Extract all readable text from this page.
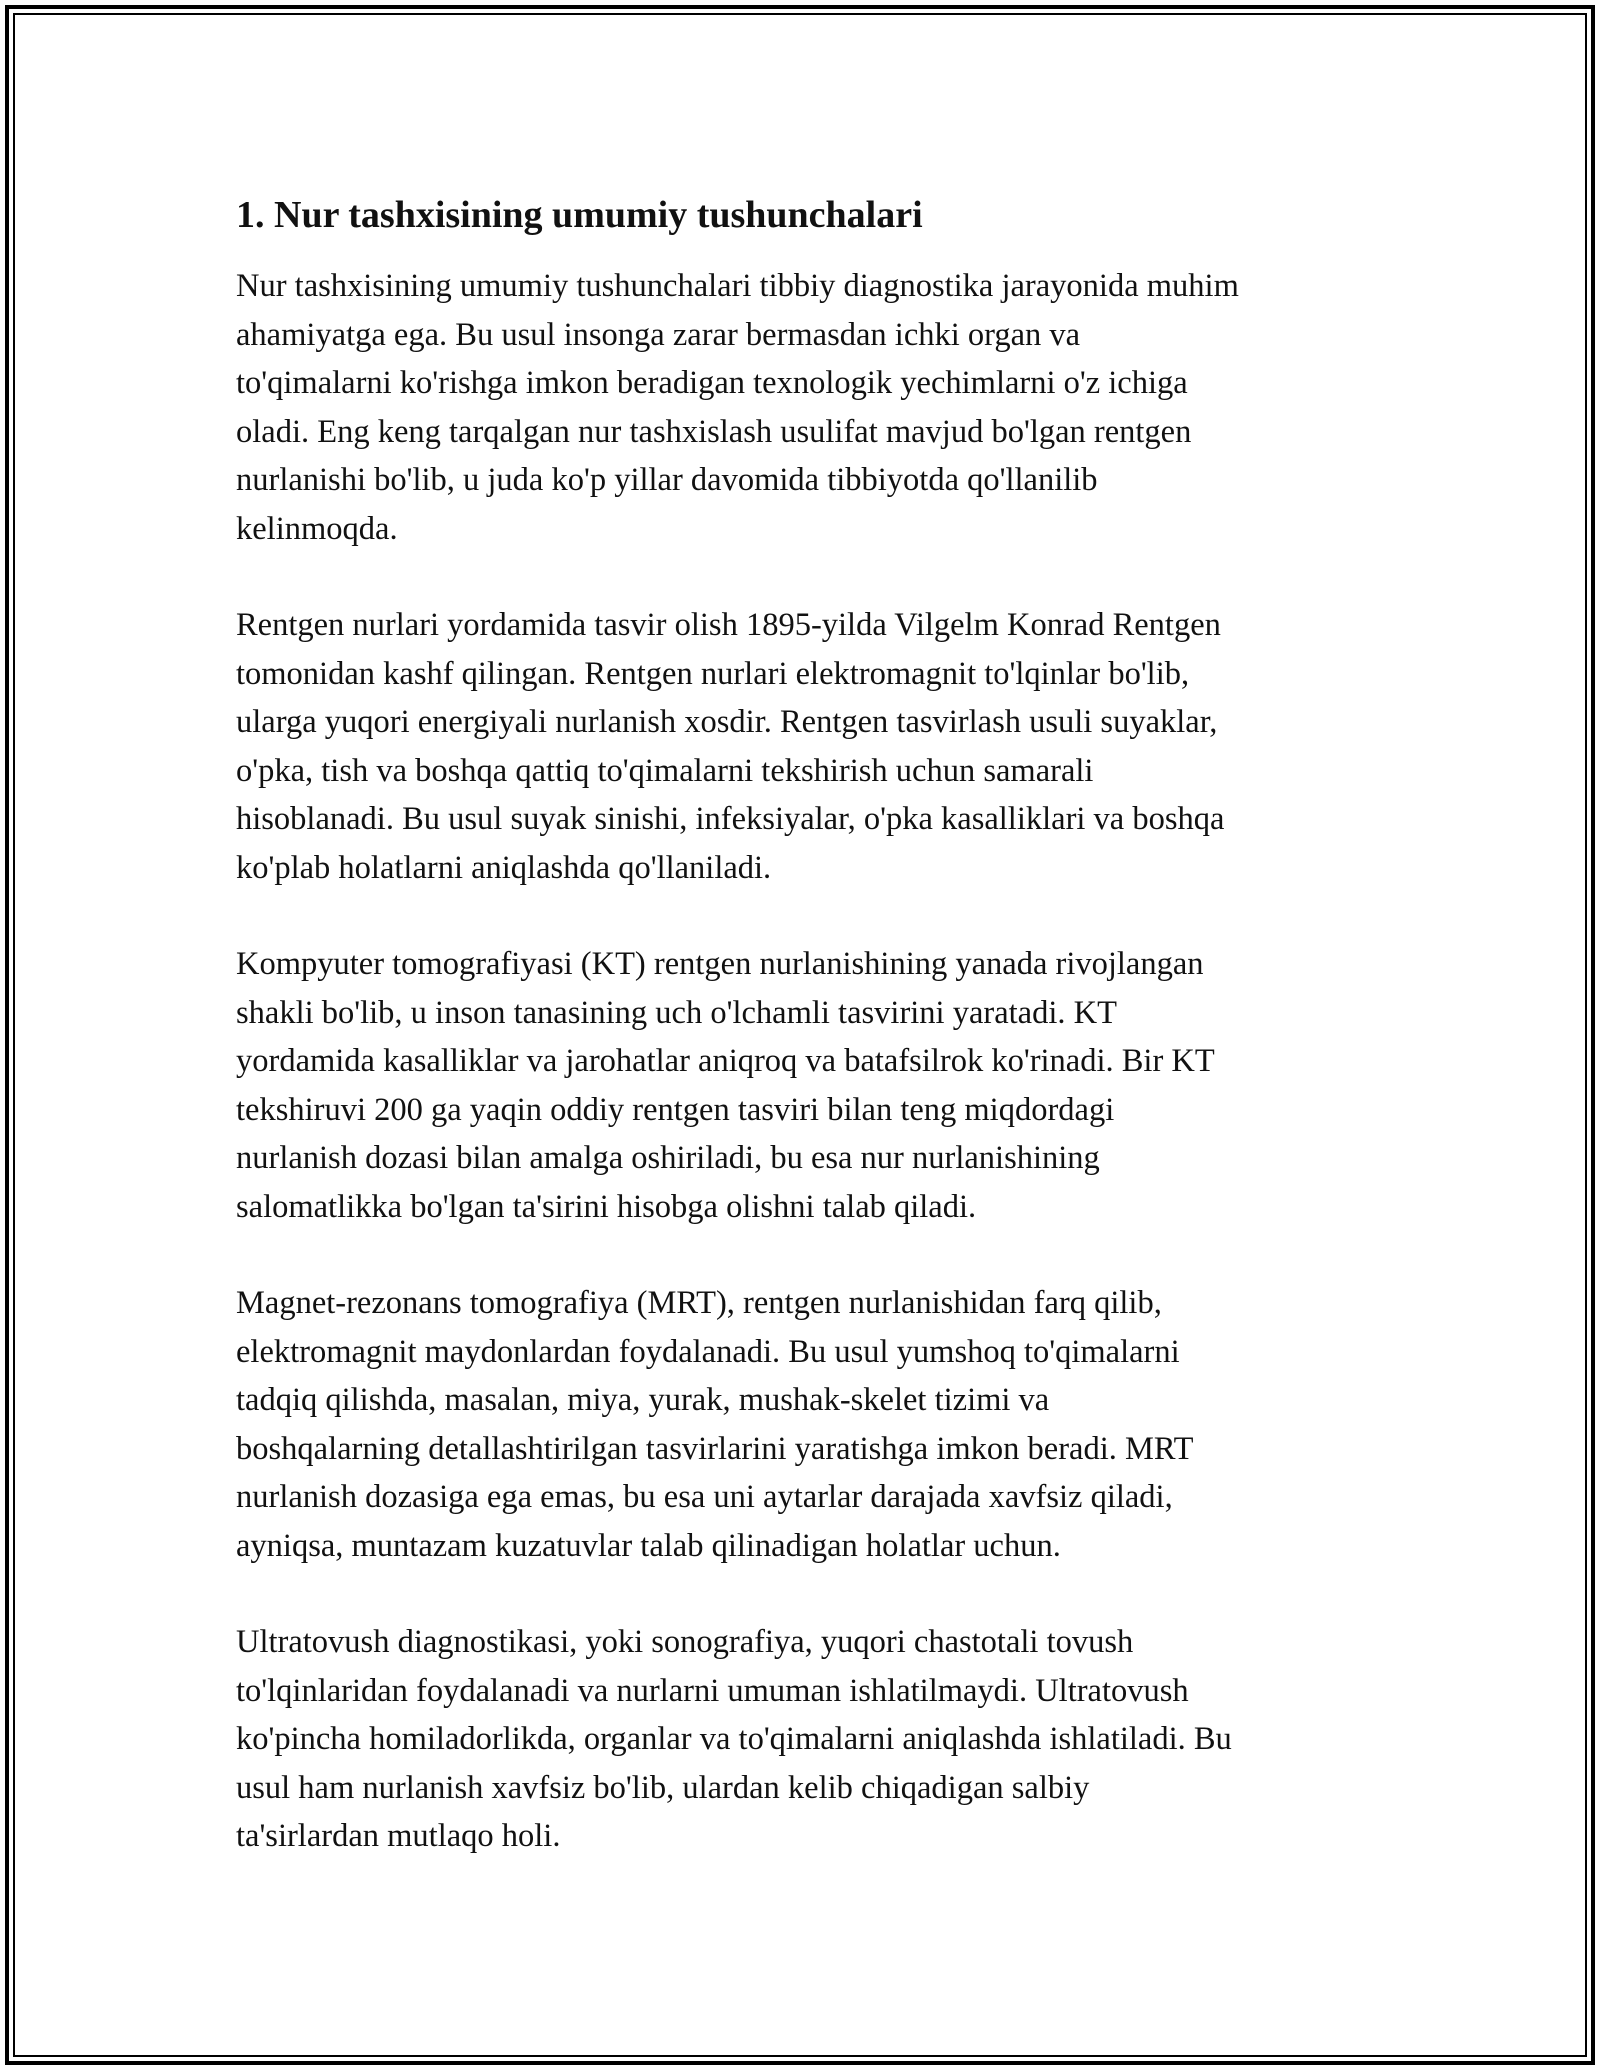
1. Nur tashxisining umumiy tushunchalari

Nur tashxisining umumiy tushunchalari tibbiy diagnostika jarayonida muhim
ahamiyatga ega. Bu usul insonga zarar bermasdan ichki organ va
to'qimalarni ko'rishga imkon beradigan texnologik yechimlarni o'z ichiga
oladi. Eng keng tarqalgan nur tashxislash usulifat mavjud bo'lgan rentgen
nurlanishi bo'lib, u juda ko'p yillar davomida tibbiyotda qo'llanilib
kelinmoqda.

Rentgen nurlari yordamida tasvir olish 1895-yilda Vilgelm Konrad Rentgen
tomonidan kashf qilingan. Rentgen nurlari elektromagnit to'lqinlar bo'lib,
ularga yuqori energiyali nurlanish xosdir. Rentgen tasvirlash usuli suyaklar,
o'pka, tish va boshqa qattiq to'qimalarni tekshirish uchun samarali
hisoblanadi. Bu usul suyak sinishi, infeksiyalar, o'pka kasalliklari va boshqa
ko'plab holatlarni aniqlashda qo'llaniladi.

Kompyuter tomografiyasi (KT) rentgen nurlanishining yanada rivojlangan
shakli bo'lib, u inson tanasining uch o'lchamli tasvirini yaratadi. KT
yordamida kasalliklar va jarohatlar aniqroq va batafsilrok ko'rinadi. Bir KT
tekshiruvi 200 ga yaqin oddiy rentgen tasviri bilan teng miqdordagi
nurlanish dozasi bilan amalga oshiriladi, bu esa nur nurlanishining
salomatlikka bo'lgan ta'sirini hisobga olishni talab qiladi.

Magnet-rezonans tomografiya (MRT), rentgen nurlanishidan farq qilib,
elektromagnit maydonlardan foydalanadi. Bu usul yumshoq to'qimalarni
tadqiq qilishda, masalan, miya, yurak, mushak-skelet tizimi va
boshqalarning detallashtirilgan tasvirlarini yaratishga imkon beradi. MRT
nurlanish dozasiga ega emas, bu esa uni aytarlar darajada xavfsiz qiladi,
ayniqsa, muntazam kuzatuvlar talab qilinadigan holatlar uchun.

Ultratovush diagnostikasi, yoki sonografiya, yuqori chastotali tovush
to'lqinlaridan foydalanadi va nurlarni umuman ishlatilmaydi. Ultratovush
ko'pincha homiladorlikda, organlar va to'qimalarni aniqlashda ishlatiladi. Bu
usul ham nurlanish xavfsiz bo'lib, ulardan kelib chiqadigan salbiy
ta'sirlardan mutlaqo holi.
